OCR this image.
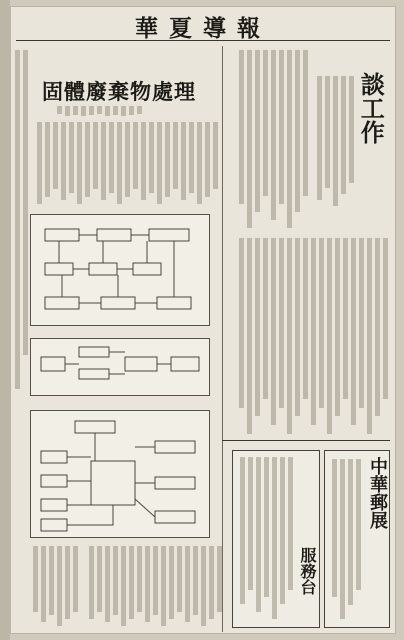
華夏導報
談工作
固體廢棄物處理
服務台
中華郵展
